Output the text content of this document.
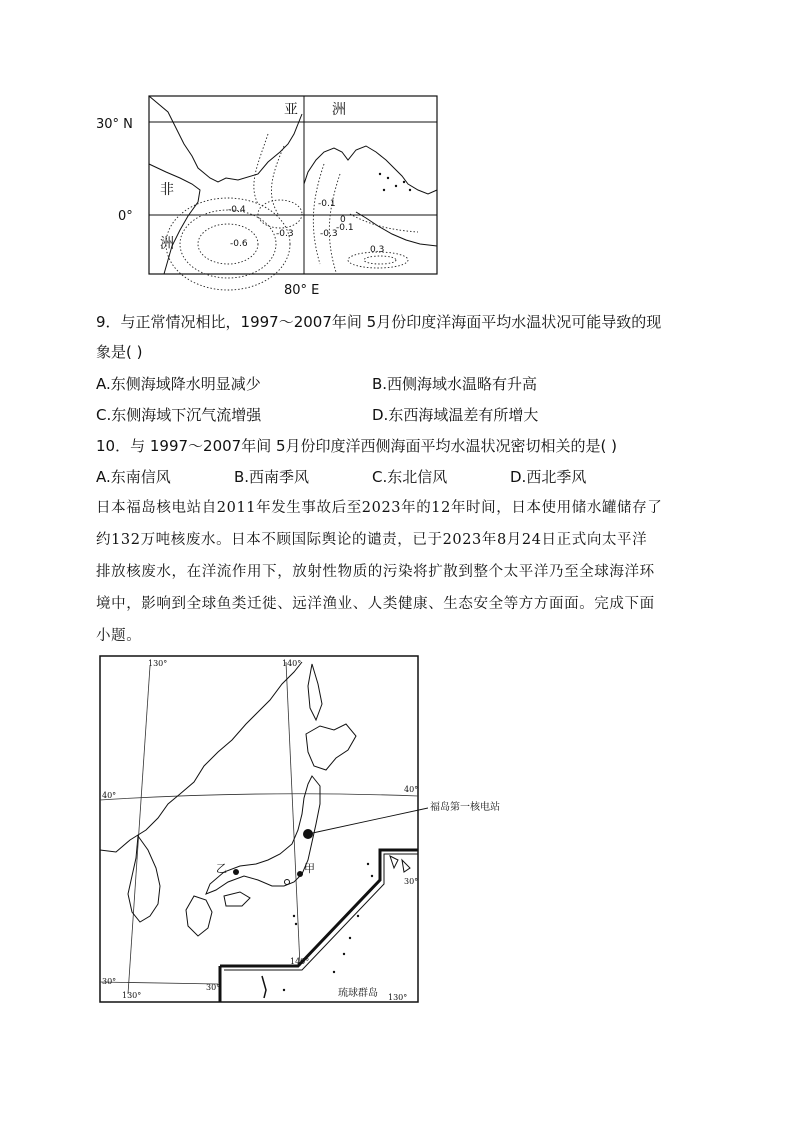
-0.4
-0.6
-0.3
-0.1
-0.3
-0.1
0
0.3
亚 洲
非
洲
30° N
0°
80° E
9．与正常情况相比，1997～2007年间 5月份印度洋海面平均水温状况可能导致的现
象是( )
A.东侧海域降水明显减少	B.西侧海域水温略有升高
C.东侧海域下沉气流增强	D.东西海域温差有所增大
10．与 1997～2007年间 5月份印度洋西侧海面平均水温状况密切相关的是( )
A.东南信风	B.西南季风	C.东北信风	D.西北季风
日本福岛核电站自2011年发生事故后至2023年的12年时间，日本使用储水罐储存了
约132万吨核废水。日本不顾国际舆论的谴责，已于2023年8月24日正式向太平洋
排放核废水，在洋流作用下，放射性物质的污染将扩散到整个太平洋乃至全球海洋环
境中，影响到全球鱼类迁徙、远洋渔业、人类健康、生态安全等方方面面。完成下面
小题。
130°	140°
40°
40°
30°
30°
140°
30°
130°	130°
琉球群岛
乙	甲
福岛第一核电站
